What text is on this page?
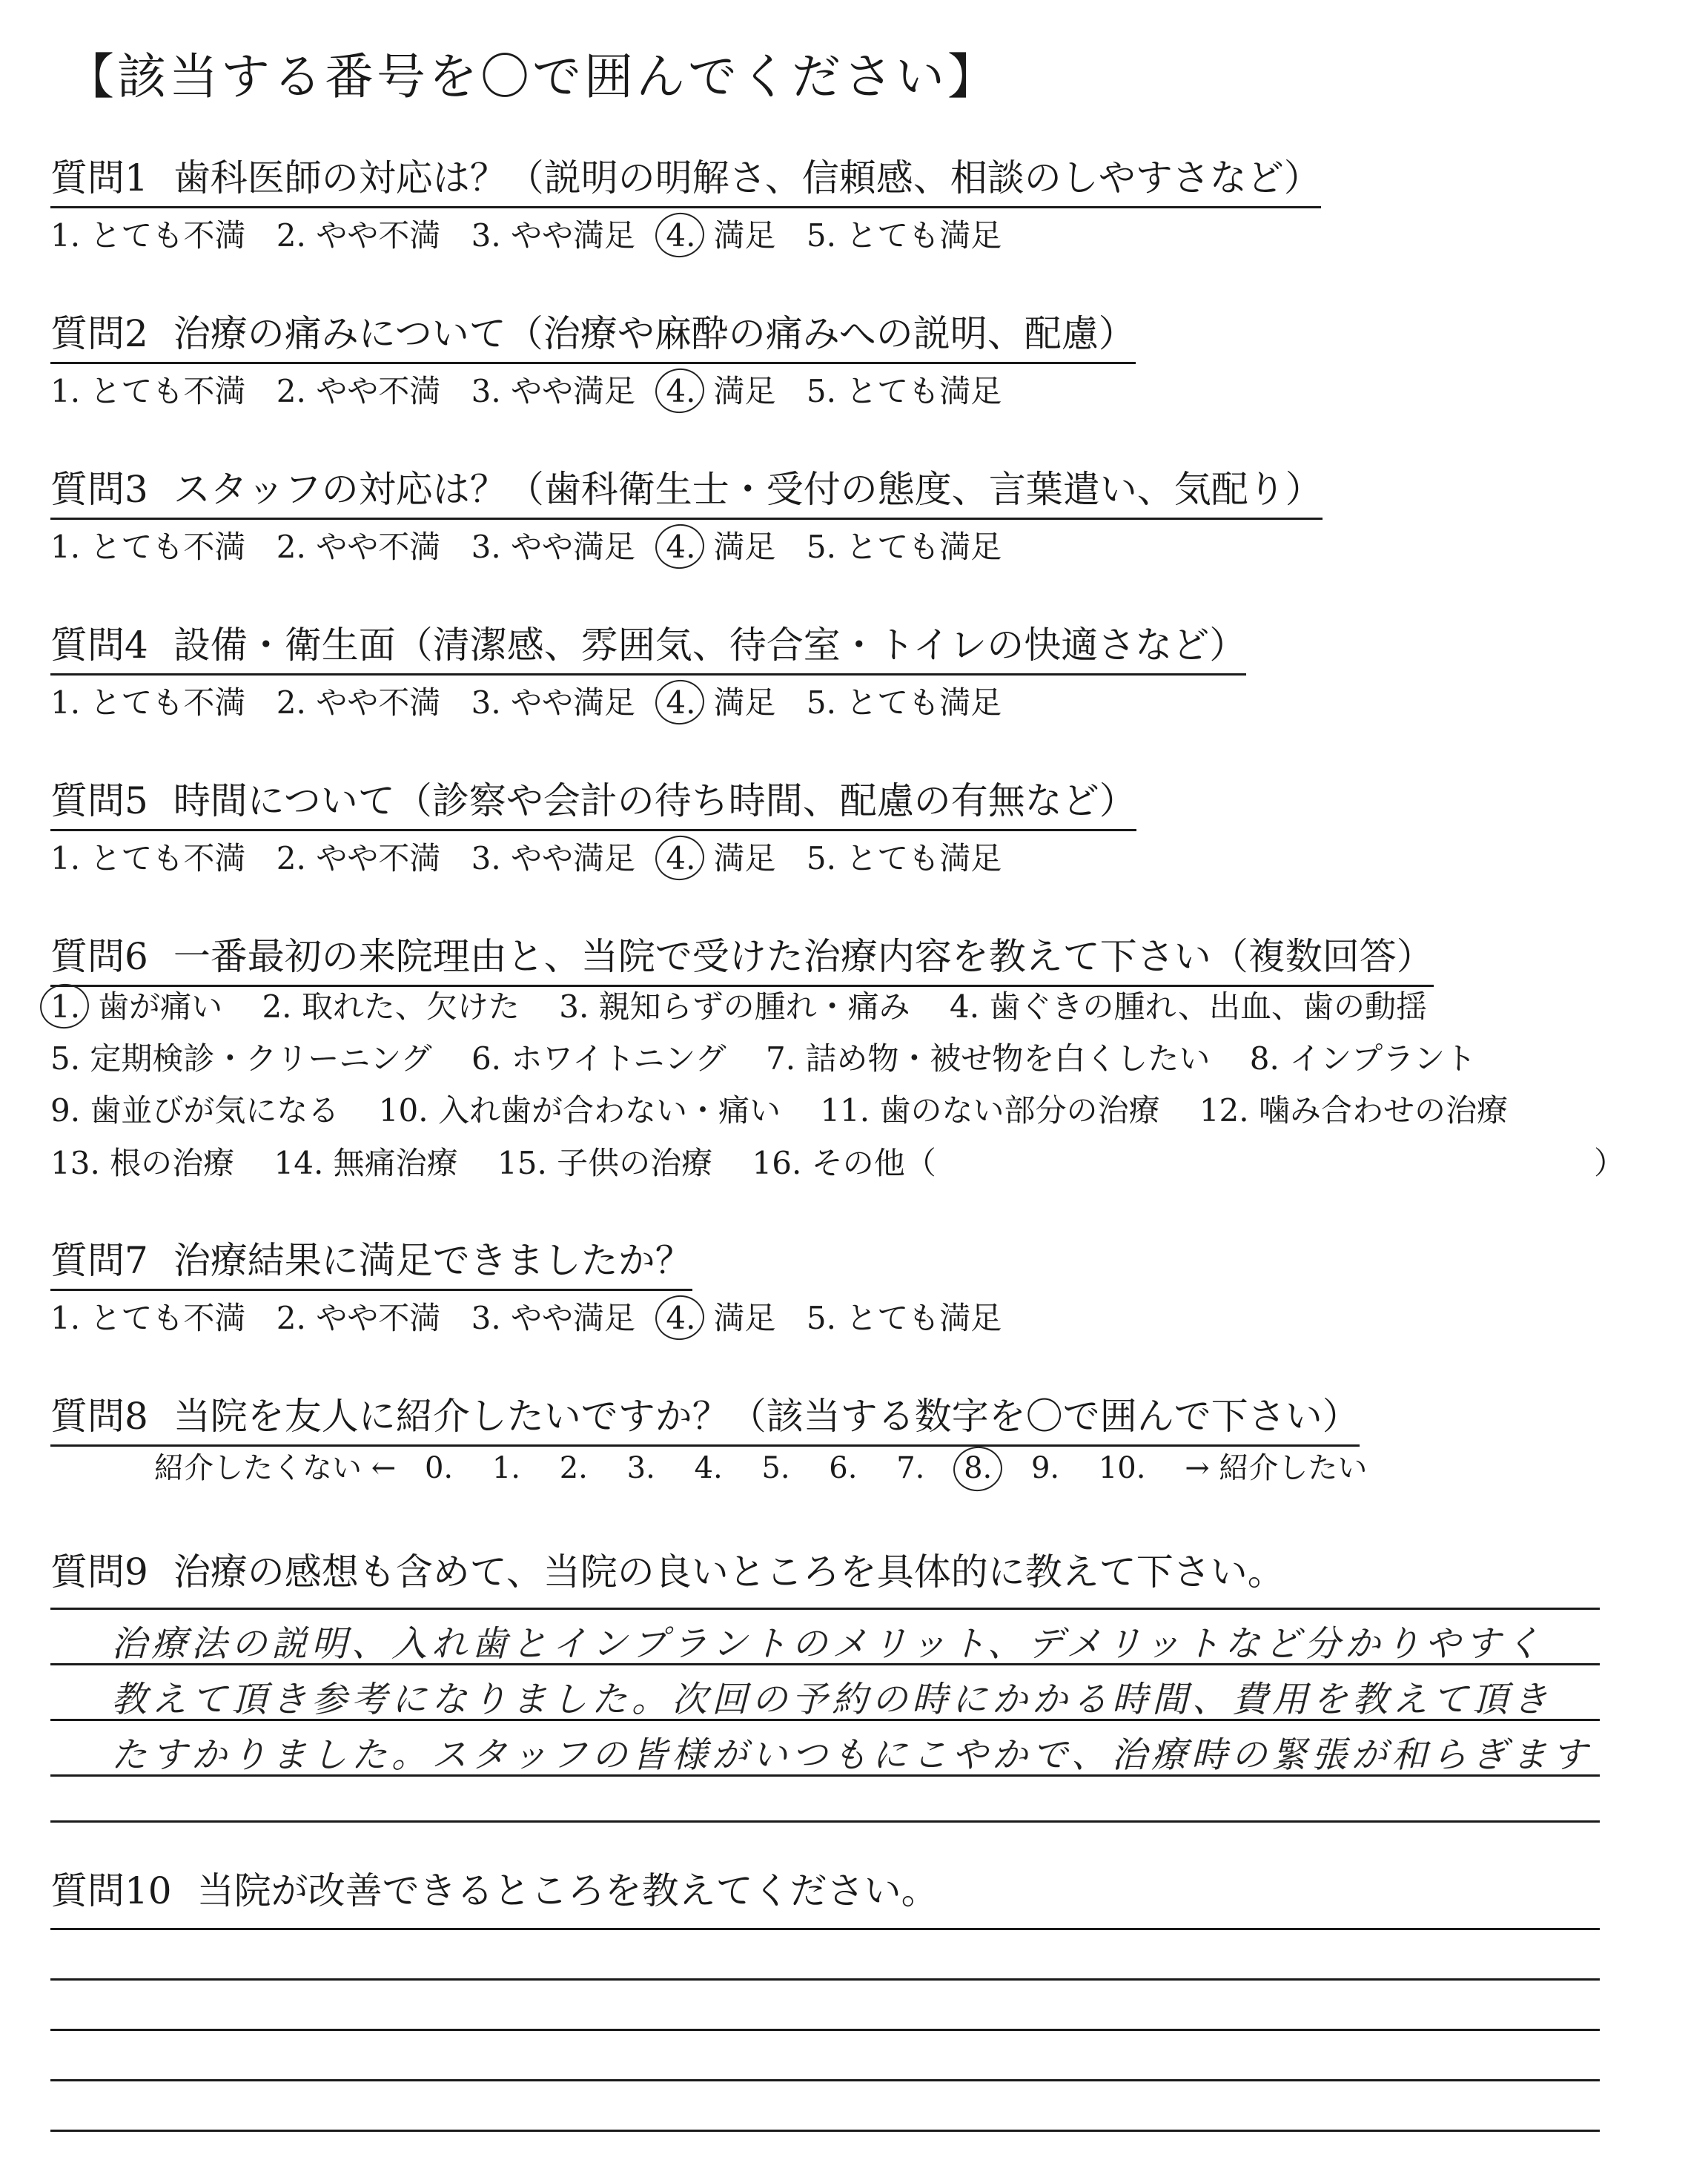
【該当する番号を〇で囲んでください】
質問1 歯科医師の対応は？（説明の明解さ、信頼感、相談のしやすさなど）
1. とても不満 2. やや不満 3. やや満足 4. 満足 5. とても満足
質問2 治療の痛みについて（治療や麻酔の痛みへの説明、配慮）
1. とても不満 2. やや不満 3. やや満足 4. 満足 5. とても満足
質問3 スタッフの対応は？（歯科衛生士・受付の態度、言葉遣い、気配り）
1. とても不満 2. やや不満 3. やや満足 4. 満足 5. とても満足
質問4 設備・衛生面（清潔感、雰囲気、待合室・トイレの快適さなど）
1. とても不満 2. やや不満 3. やや満足 4. 満足 5. とても満足
質問5 時間について（診察や会計の待ち時間、配慮の有無など）
1. とても不満 2. やや不満 3. やや満足 4. 満足 5. とても満足
質問6 一番最初の来院理由と、当院で受けた治療内容を教えて下さい（複数回答）
1. 歯が痛い 2. 取れた、欠けた 3. 親知らずの腫れ・痛み 4. 歯ぐきの腫れ、出血、歯の動揺
5. 定期検診・クリーニング 6. ホワイトニング 7. 詰め物・被せ物を白くしたい 8. インプラント
9. 歯並びが気になる 10. 入れ歯が合わない・痛い 11. 歯のない部分の治療 12. 噛み合わせの治療
13. 根の治療 14. 無痛治療 15. 子供の治療 16. その他（	）
質問7 治療結果に満足できましたか？
1. とても不満 2. やや不満 3. やや満足 4. 満足 5. とても満足
質問8 当院を友人に紹介したいですか？（該当する数字を〇で囲んで下さい）
紹介したくない ← 0. 1. 2. 3. 4. 5. 6. 7. 8. 9. 10. → 紹介したい
質問9 治療の感想も含めて、当院の良いところを具体的に教えて下さい。
治療法の説明、入れ歯とインプラントのメリット、デメリットなど分かりやすく
教えて頂き参考になりました。次回の予約の時にかかる時間、費用を教えて頂き
たすかりました。スタッフの皆様がいつもにこやかで、治療時の緊張が和らぎます
質問10 当院が改善できるところを教えてください。
